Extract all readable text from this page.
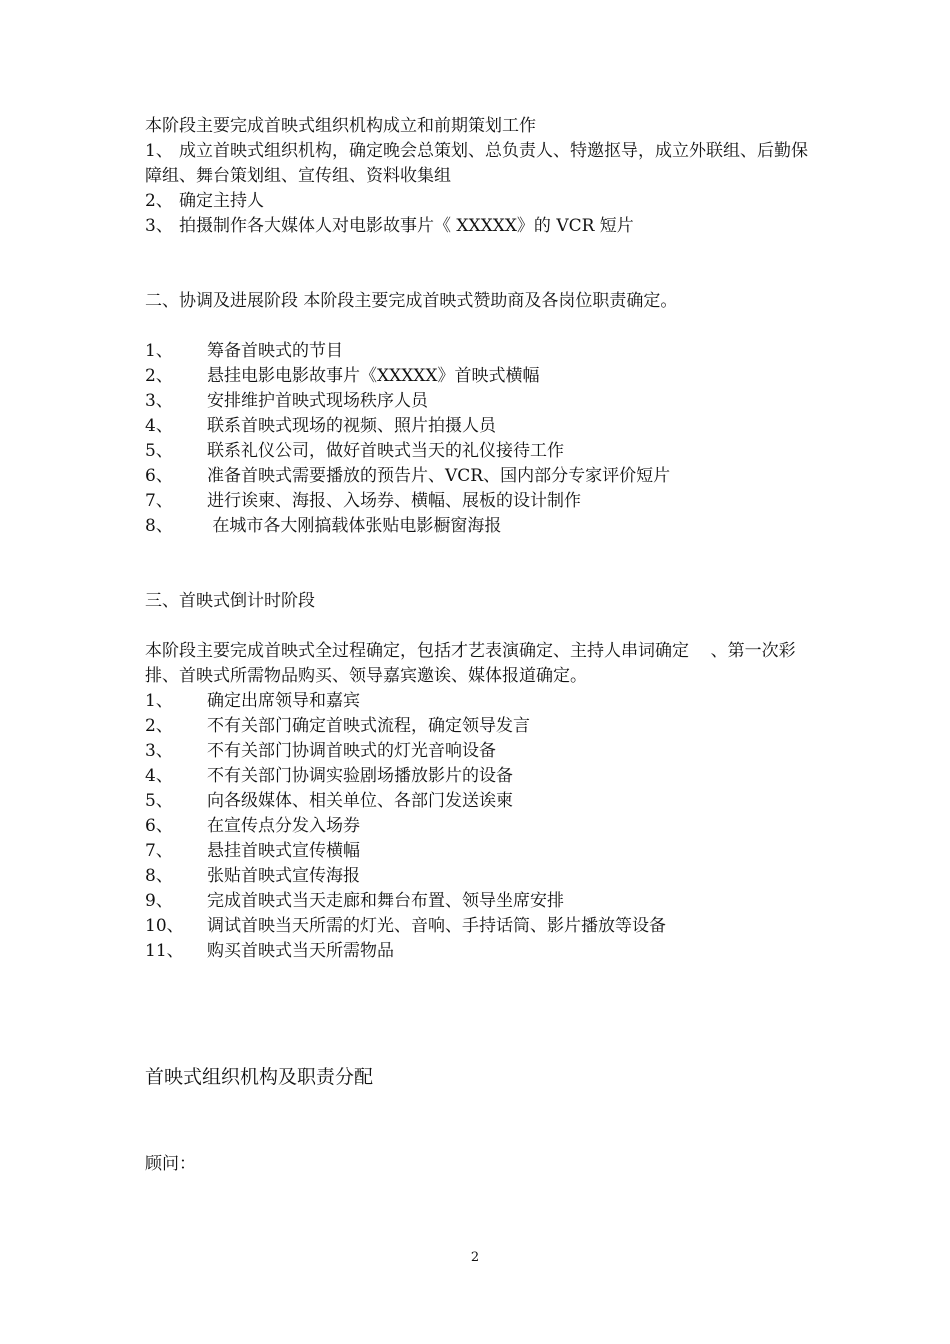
本阶段主要完成首映式组织机构成立和前期策划工作
1、 成立首映式组织机构，确定晚会总策划、总负责人、特邀抠导，成立外联组、后勤保障组、舞台策划组、宣传组、资料收集组
2、 确定主持人
3、 拍摄制作各大媒体人对电影故事片《 XXXXX》的 VCR 短片
二、协调及进展阶段 本阶段主要完成首映式赞助商及各岗位职责确定。
1、	筹备首映式的节目
2、	悬挂电影电影故事片《XXXXX》首映式横幅
3、	安排维护首映式现场秩序人员
4、	联系首映式现场的视频、照片拍摄人员
5、	联系礼仪公司，做好首映式当天的礼仪接待工作
6、	准备首映式需要播放的预告片、VCR、国内部分专家评价短片
7、	进行诶柬、海报、入场券、横幅、展板的设计制作
8、	在城市各大刚搞载体张贴电影橱窗海报
三、首映式倒计时阶段
本阶段主要完成首映式全过程确定，包括才艺表演确定、主持人串词确定    、第一次彩排、首映式所需物品购买、领导嘉宾邀诶、媒体报道确定。
1、	确定出席领导和嘉宾
2、	不有关部门确定首映式流程，确定领导发言
3、	不有关部门协调首映式的灯光音响设备
4、	不有关部门协调实验剧场播放影片的设备
5、	向各级媒体、相关单位、各部门发送诶柬
6、	在宣传点分发入场券
7、	悬挂首映式宣传横幅
8、	张贴首映式宣传海报
9、	完成首映式当天走廊和舞台布置、领导坐席安排
10、	调试首映当天所需的灯光、音响、手持话筒、影片播放等设备
11、	购买首映式当天所需物品
首映式组织机构及职责分配
顾问：
2
